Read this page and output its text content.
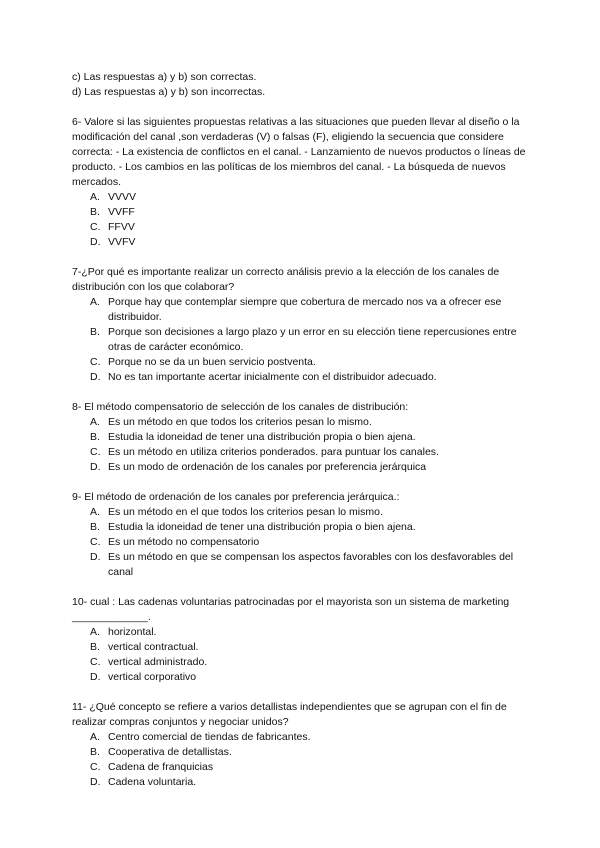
c) Las respuestas a) y b) son correctas.

d) Las respuestas a) y b) son incorrectas.

6- Valore si las siguientes propuestas relativas a las situaciones que pueden llevar al diseño o la modificación del canal ,son verdaderas (V) o falsas (F), eligiendo la secuencia que considere correcta: - La existencia de conflictos en el canal. - Lanzamiento de nuevos productos o líneas de producto. - Los cambios en las políticas de los miembros del canal. - La búsqueda de nuevos mercados.

A. VVVV
B. VVFF
C. FFVV
D. VVFV

7-¿Por qué es importante realizar un correcto análisis previo a la elección de los canales de distribución con los que colaborar?

A. Porque hay que contemplar siempre que cobertura de mercado nos va a ofrecer ese distribuidor.
B. Porque son decisiones a largo plazo y un error en su elección tiene repercusiones entre otras de carácter económico.
C. Porque no se da un buen servicio postventa.
D. No es tan importante acertar inicialmente con el distribuidor adecuado.

8- El método compensatorio de selección de los canales de distribución:

A. Es un método en que todos los criterios pesan lo mismo.
B. Estudia la idoneidad de tener una distribución propia o bien ajena.
C. Es un método en utiliza criterios ponderados. para puntuar los canales.
D. Es un modo de ordenación de los canales por preferencia jerárquica

9- El método de ordenación de los canales por preferencia jerárquica.:

A. Es un método en el que todos los criterios pesan lo mismo.
B. Estudia la idoneidad de tener una distribución propia o bien ajena.
C. Es un método no compensatorio
D. Es un método en que se compensan los aspectos favorables con los desfavorables del canal

10- cual : Las cadenas voluntarias patrocinadas por el mayorista son un sistema de marketing _____________.

A. horizontal.
B. vertical contractual.
C. vertical administrado.
D. vertical corporativo

11- ¿Qué concepto se refiere a varios detallistas independientes que se agrupan con el fin de realizar compras conjuntos y negociar unidos?

A. Centro comercial de tiendas de fabricantes.
B. Cooperativa de detallistas.
C. Cadena de franquicias
D. Cadena voluntaria.
